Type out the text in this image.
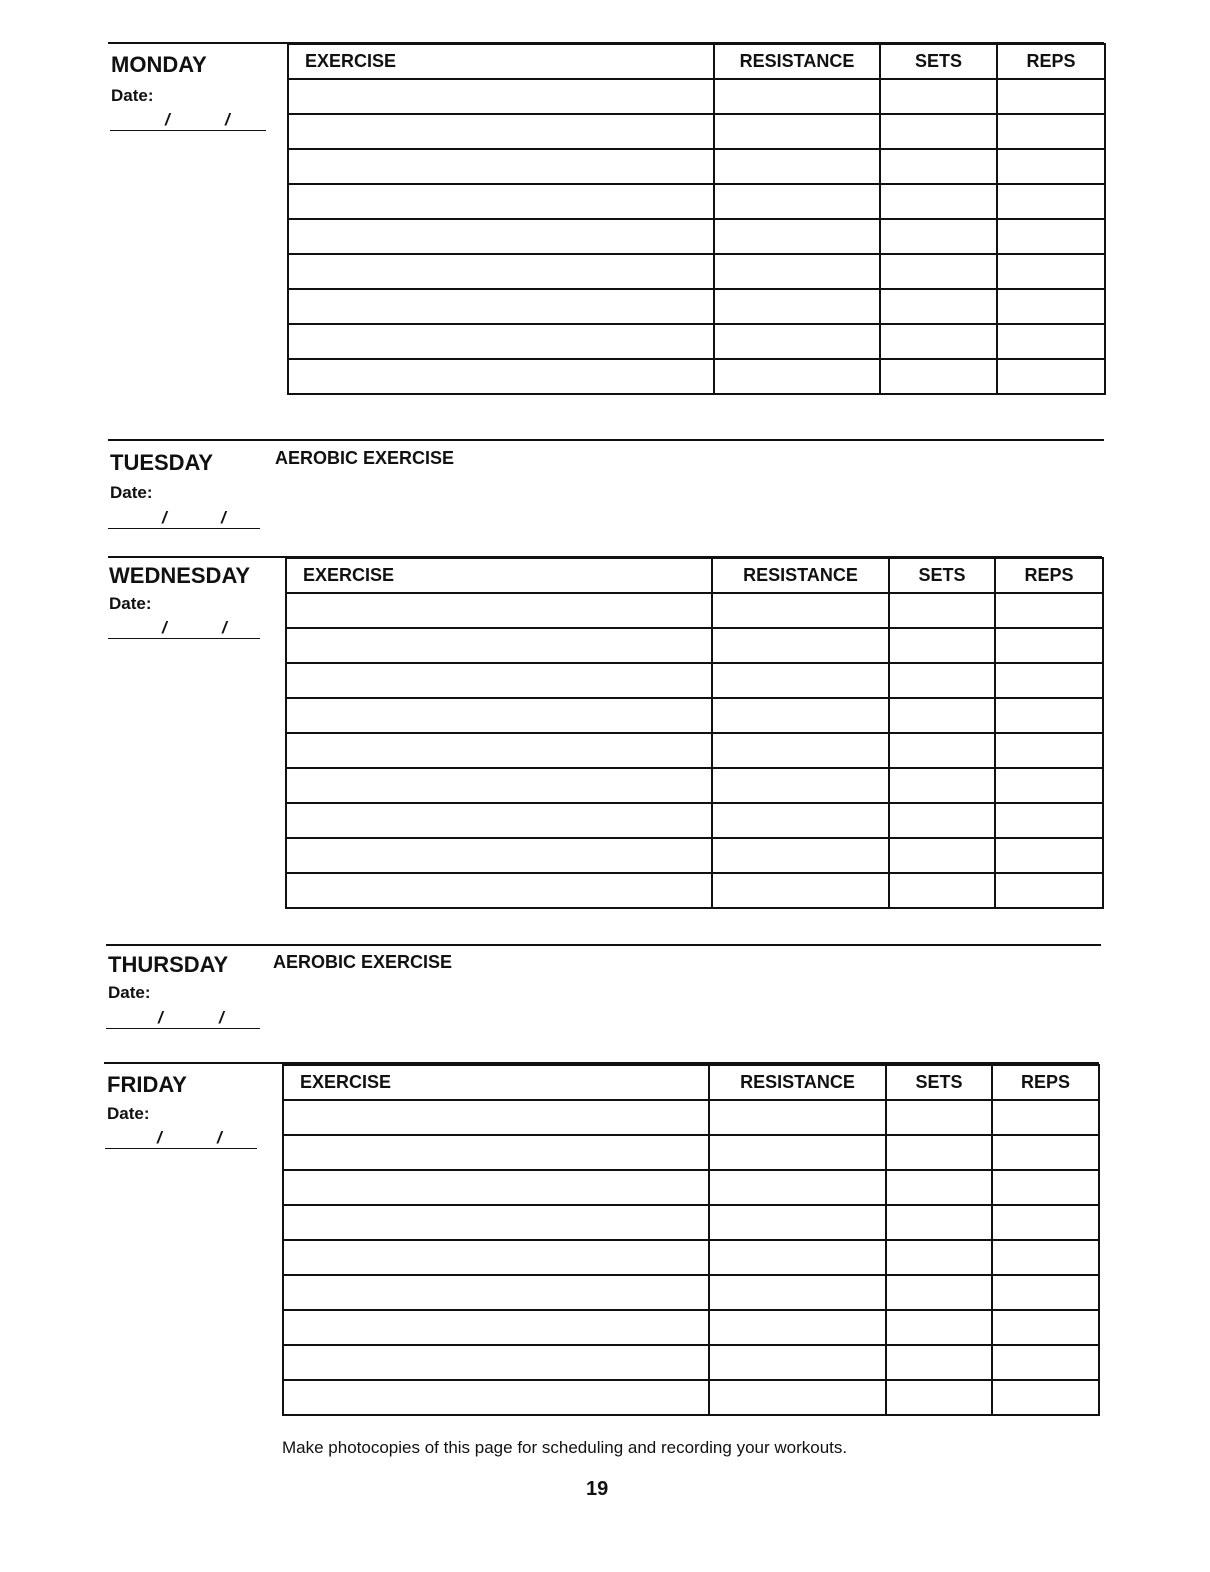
MONDAY
Date:
/	/
EXERCISE	RESISTANCE	SETS	REPS

TUESDAY	AEROBIC EXERCISE
Date:
/	/
WEDNESDAY
Date:
/	/
EXERCISE	RESISTANCE	SETS	REPS

THURSDAY AEROBIC EXERCISE
Date:
/	/
FRIDAY
Date:
/	/
EXERCISE	RESISTANCE	SETS	REPS

Make photocopies of this page for scheduling and recording your workouts.
19
